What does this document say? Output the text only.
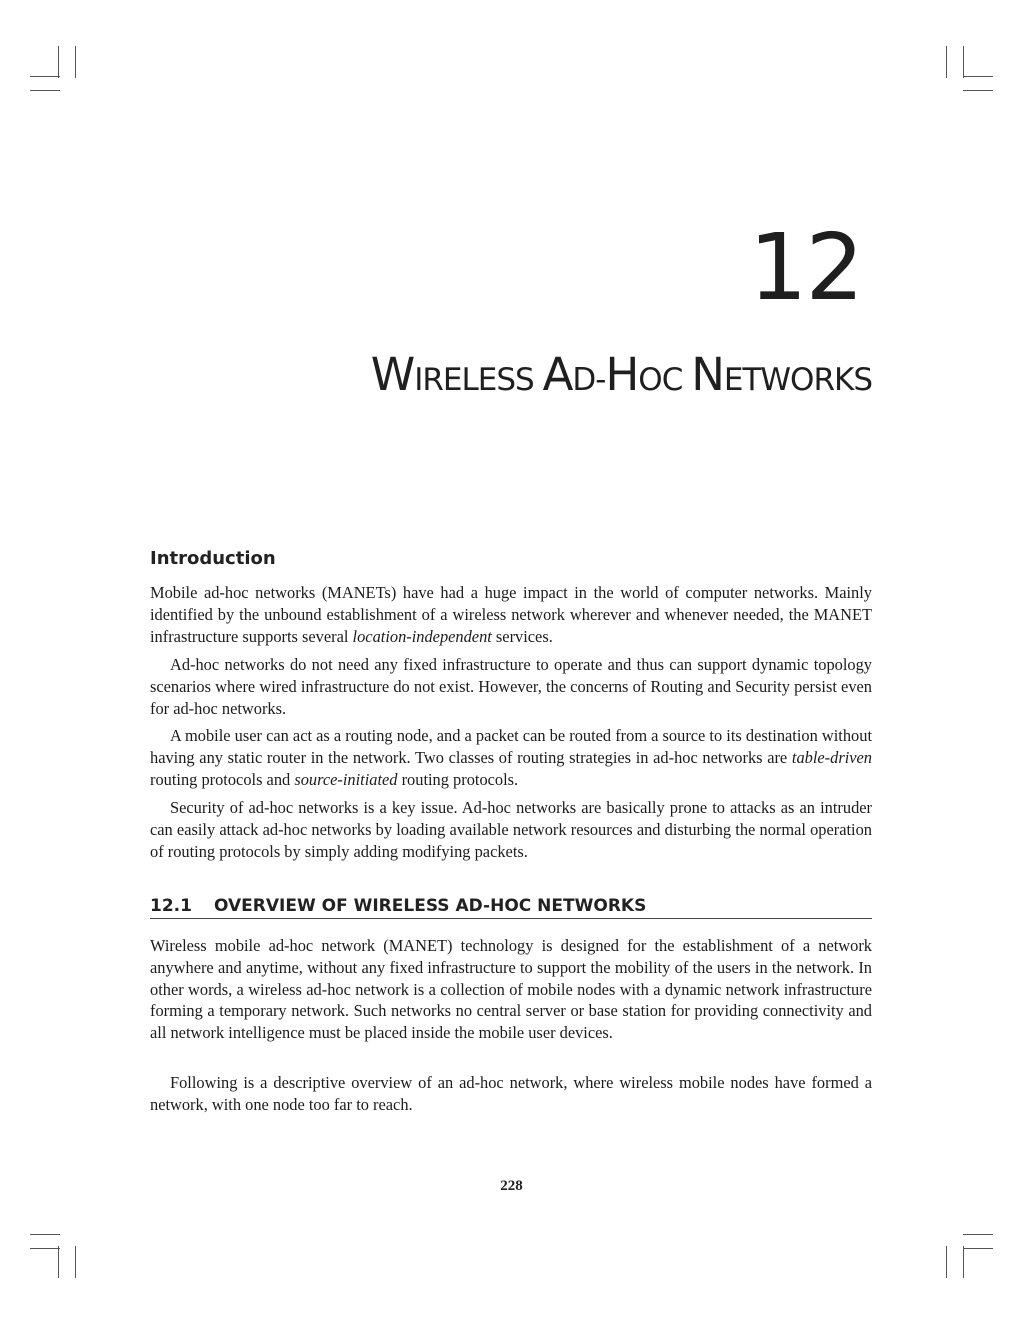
12
WIRELESS AD-HOC NETWORKS
Introduction

Mobile ad-hoc networks (MANETs) have had a huge impact in the world of computer networks. Mainly identified by the unbound establishment of a wireless network wherever and whenever needed, the MANET infrastructure supports several location-independent services.

Ad-hoc networks do not need any fixed infrastructure to operate and thus can support dynamic topology scenarios where wired infrastructure do not exist. However, the concerns of Routing and Security persist even for ad-hoc networks.

A mobile user can act as a routing node, and a packet can be routed from a source to its destination without having any static router in the network. Two classes of routing strategies in ad-hoc networks are table-driven routing protocols and source-initiated routing protocols.

Security of ad-hoc networks is a key issue. Ad-hoc networks are basically prone to attacks as an intruder can easily attack ad-hoc networks by loading available network resources and disturbing the normal operation of routing protocols by simply adding modifying packets.

12.1 OVERVIEW OF WIRELESS AD-HOC NETWORKS

Wireless mobile ad-hoc network (MANET) technology is designed for the establishment of a network anywhere and anytime, without any fixed infrastructure to support the mobility of the users in the network. In other words, a wireless ad-hoc network is a collection of mobile nodes with a dynamic network infrastructure forming a temporary network. Such networks no central server or base station for providing connectivity and all network intelligence must be placed inside the mobile user devices.

Following is a descriptive overview of an ad-hoc network, where wireless mobile nodes have formed a network, with one node too far to reach.

228
